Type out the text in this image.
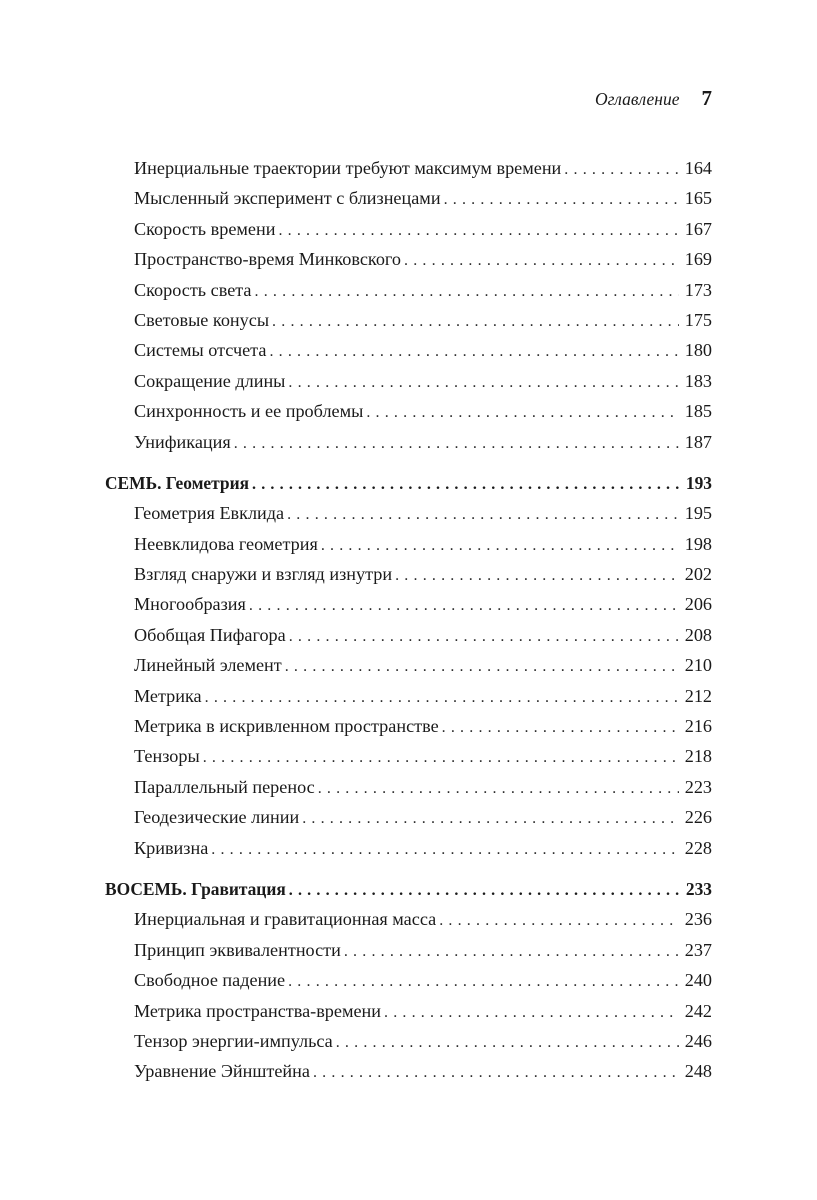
Оглавление 7
Инерциальные траектории требуют максимум времени . . .	164
Мысленный эксперимент с близнецами . . .	165
Скорость времени . . .	167
Пространство-время Минковского . . .	169
Скорость света . . .	173
Световые конусы . . .	175
Системы отсчета . . .	180
Сокращение длины . . .	183
Синхронность и ее проблемы . . .	185
Унификация . . .	187
СЕМЬ. Геометрия . . .	193
Геометрия Евклида . . .	195
Неевклидова геометрия . . .	198
Взгляд снаружи и взгляд изнутри . . .	202
Многообразия . . .	206
Обобщая Пифагора . . .	208
Линейный элемент . . .	210
Метрика . . .	212
Метрика в искривленном пространстве . . .	216
Тензоры . . .	218
Параллельный перенос . . .	223
Геодезические линии . . .	226
Кривизна . . .	228
ВОСЕМЬ. Гравитация . . .	233
Инерциальная и гравитационная масса . . .	236
Принцип эквивалентности . . .	237
Свободное падение . . .	240
Метрика пространства-времени . . .	242
Тензор энергии-импульса . . .	246
Уравнение Эйнштейна . . .	248
